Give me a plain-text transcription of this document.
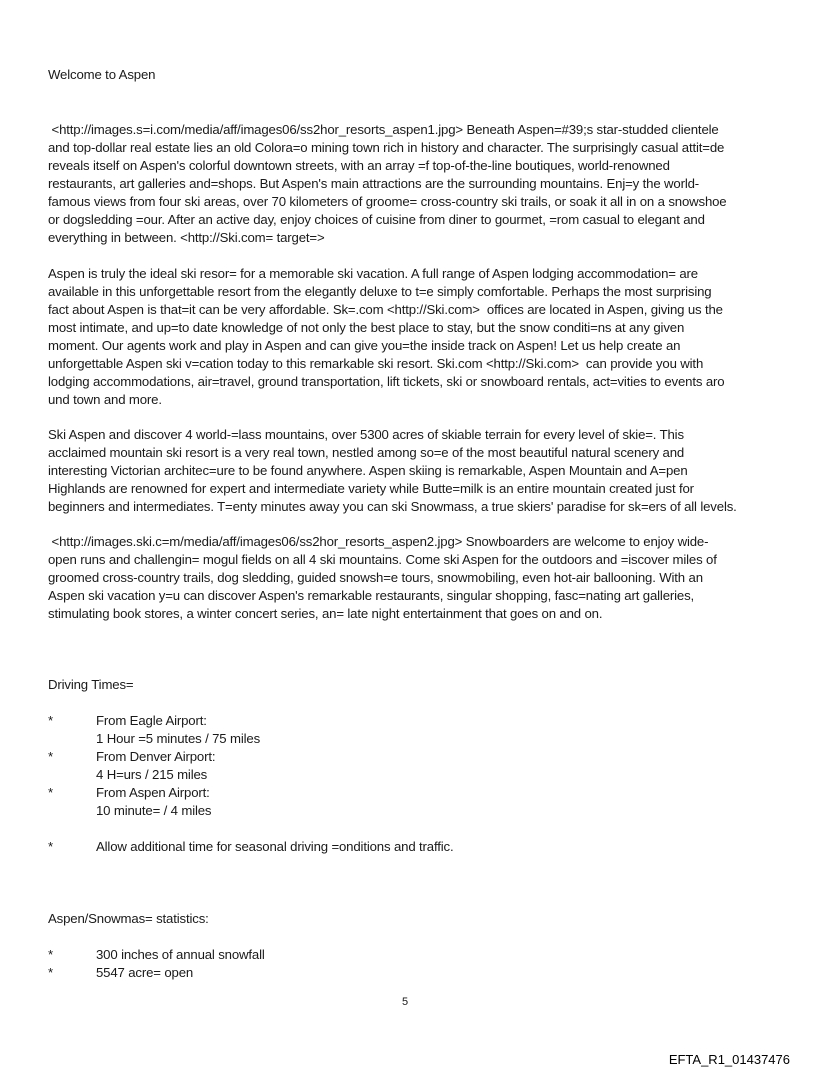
Welcome to Aspen
<http://images.s=i.com/media/aff/images06/ss2hor_resorts_aspen1.jpg> Beneath Aspen=#39;s star-studded clientele
and top-dollar real estate lies an old Colora=o mining town rich in history and character. The surprisingly casual attit=de
reveals itself on Aspen's colorful downtown streets, with an array =f top-of-the-line boutiques, world-renowned
restaurants, art galleries and=shops. But Aspen's main attractions are the surrounding mountains. Enj=y the world-
famous views from four ski areas, over 70 kilometers of groome= cross-country ski trails, or soak it all in on a snowshoe
or dogsledding =our. After an active day, enjoy choices of cuisine from diner to gourmet, =rom casual to elegant and
everything in between. <http://Ski.com= target=>
Aspen is truly the ideal ski resor= for a memorable ski vacation. A full range of Aspen lodging accommodation= are
available in this unforgettable resort from the elegantly deluxe to t=e simply comfortable. Perhaps the most surprising
fact about Aspen is that=it can be very affordable. Sk=.com <http://Ski.com>  offices are located in Aspen, giving us the
most intimate, and up=to date knowledge of not only the best place to stay, but the snow conditi=ns at any given
moment. Our agents work and play in Aspen and can give you=the inside track on Aspen! Let us help create an
unforgettable Aspen ski v=cation today to this remarkable ski resort. Ski.com <http://Ski.com>  can provide you with
lodging accommodations, air=travel, ground transportation, lift tickets, ski or snowboard rentals, act=vities to events aro
und town and more.
Ski Aspen and discover 4 world-=lass mountains, over 5300 acres of skiable terrain for every level of skie=. This
acclaimed mountain ski resort is a very real town, nestled among so=e of the most beautiful natural scenery and
interesting Victorian architec=ure to be found anywhere. Aspen skiing is remarkable, Aspen Mountain and A=pen
Highlands are renowned for expert and intermediate variety while Butte=milk is an entire mountain created just for
beginners and intermediates. T=enty minutes away you can ski Snowmass, a true skiers' paradise for sk=ers of all levels.
<http://images.ski.c=m/media/aff/images06/ss2hor_resorts_aspen2.jpg> Snowboarders are welcome to enjoy wide-
open runs and challengin= mogul fields on all 4 ski mountains. Come ski Aspen for the outdoors and =iscover miles of
groomed cross-country trails, dog sledding, guided snowsh=e tours, snowmobiling, even hot-air ballooning. With an
Aspen ski vacation y=u can discover Aspen's remarkable restaurants, singular shopping, fasc=nating art galleries,
stimulating book stores, a winter concert series, an= late night entertainment that goes on and on.
Driving Times=
*	From Eagle Airport:
1 Hour =5 minutes / 75 miles
*	From Denver Airport:
4 H=urs / 215 miles
*	From Aspen Airport:
10 minute= / 4 miles
*	Allow additional time for seasonal driving =onditions and traffic.
Aspen/Snowmas= statistics:
*	300 inches of annual snowfall
*	5547 acre= open
5
EFTA_R1_01437476
